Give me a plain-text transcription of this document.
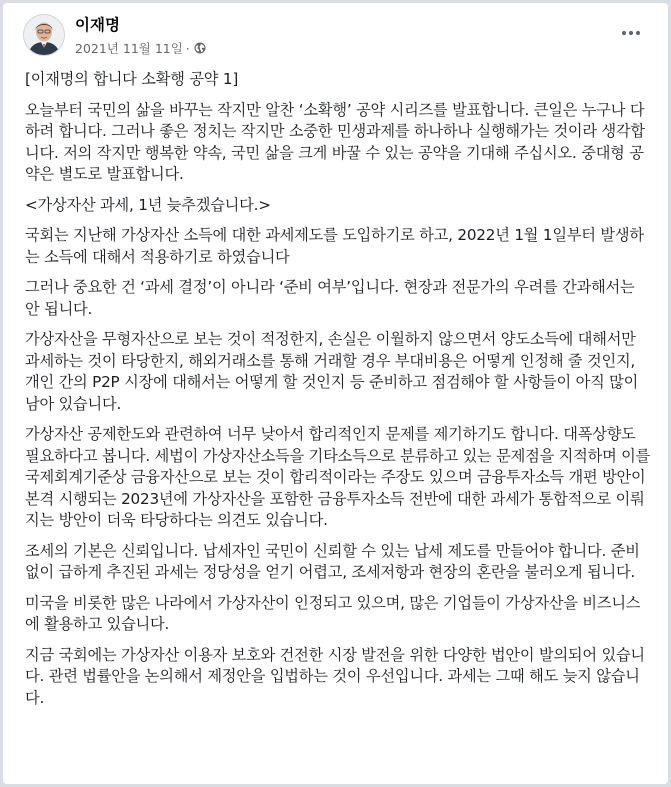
이재명
2021년 11월 11일 ·

[이재명의 합니다 소확행 공약 1]

오늘부터 국민의 삶을 바꾸는 작지만 알찬 ‘소확행’ 공약 시리즈를 발표합니다. 큰일은 누구나 다 하려 합니다. 그러나 좋은 정치는 작지만 소중한 민생과제를 하나하나 실행해가는 것이라 생각합니다. 저의 작지만 행복한 약속, 국민 삶을 크게 바꿀 수 있는 공약을 기대해 주십시오. 중대형 공약은 별도로 발표합니다.

<가상자산 과세, 1년 늦추겠습니다.>

국회는 지난해 가상자산 소득에 대한 과세제도를 도입하기로 하고, 2022년 1월 1일부터 발생하는 소득에 대해서 적용하기로 하였습니다

그러나 중요한 건 ‘과세 결정’이 아니라 ‘준비 여부’입니다. 현장과 전문가의 우려를 간과해서는 안 됩니다.

가상자산을 무형자산으로 보는 것이 적정한지, 손실은 이월하지 않으면서 양도소득에 대해서만 과세하는 것이 타당한지, 해외거래소를 통해 거래할 경우 부대비용은 어떻게 인정해 줄 것인지, 개인 간의 P2P 시장에 대해서는 어떻게 할 것인지 등 준비하고 점검해야 할 사항들이 아직 많이 남아 있습니다.

가상자산 공제한도와 관련하여 너무 낮아서 합리적인지 문제를 제기하기도 합니다. 대폭상향도 필요하다고 봅니다. 세법이 가상자산소득을 기타소득으로 분류하고 있는 문제점을 지적하며 이를 국제회계기준상 금융자산으로 보는 것이 합리적이라는 주장도 있으며 금융투자소득 개편 방안이 본격 시행되는 2023년에 가상자산을 포함한 금융투자소득 전반에 대한 과세가 통합적으로 이뤄지는 방안이 더욱 타당하다는 의견도 있습니다.

조세의 기본은 신뢰입니다. 납세자인 국민이 신뢰할 수 있는 납세 제도를 만들어야 합니다. 준비 없이 급하게 추진된 과세는 정당성을 얻기 어렵고, 조세저항과 현장의 혼란을 불러오게 됩니다.

미국을 비롯한 많은 나라에서 가상자산이 인정되고 있으며, 많은 기업들이 가상자산을 비즈니스에 활용하고 있습니다.

지금 국회에는 가상자산 이용자 보호와 건전한 시장 발전을 위한 다양한 법안이 발의되어 있습니다. 관련 법률안을 논의해서 제정안을 입법하는 것이 우선입니다. 과세는 그때 해도 늦지 않습니다.
